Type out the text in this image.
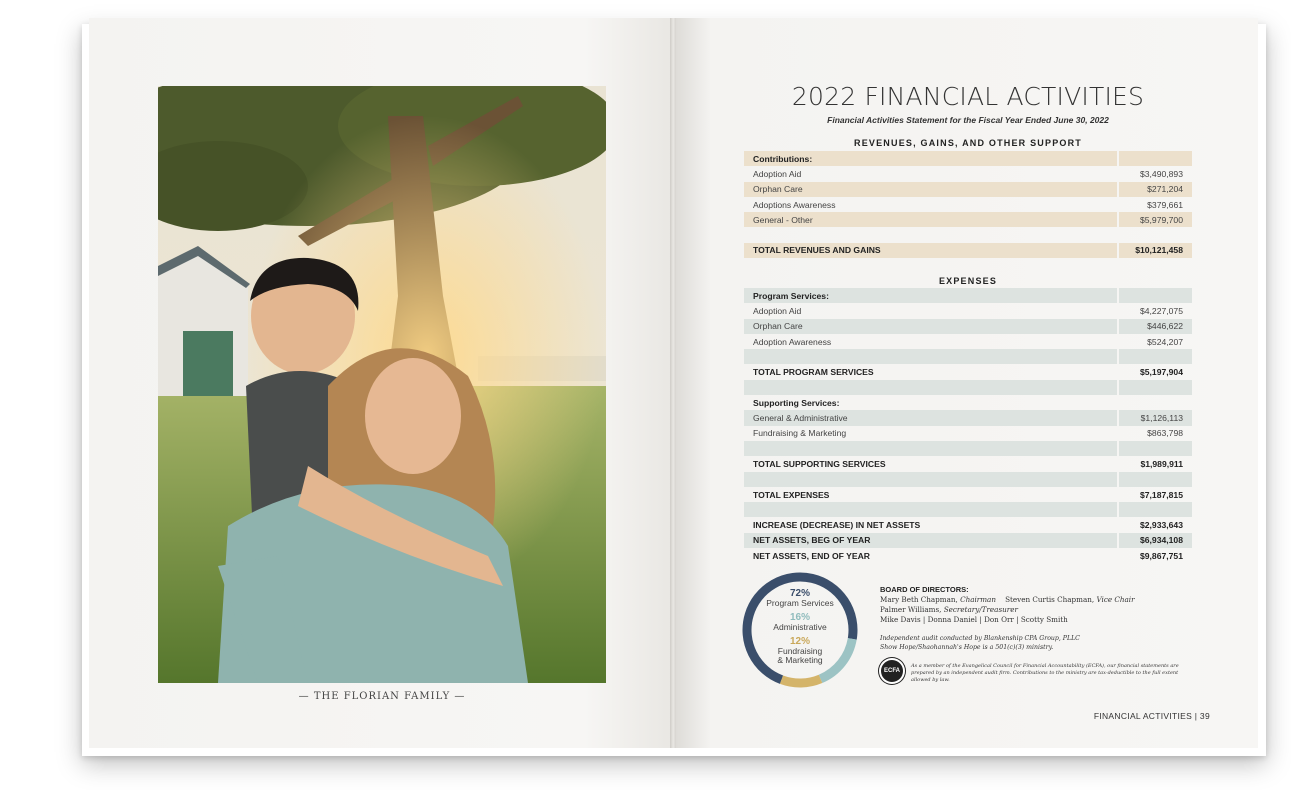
— THE FLORIAN FAMILY —
2022 FINANCIAL ACTIVITIES
Financial Activities Statement for the Fiscal Year Ended June 30, 2022
REVENUES, GAINS, AND OTHER SUPPORT
Contributions:
Adoption Aid	$3,490,893
Orphan Care	$271,204
Adoptions Awareness	$379,661
General - Other	$5,979,700
TOTAL REVENUES AND GAINS	$10,121,458
EXPENSES
Program Services:
Adoption Aid	$4,227,075
Orphan Care	$446,622
Adoption Awareness	$524,207
TOTAL PROGRAM SERVICES	$5,197,904
Supporting Services:
General & Administrative	$1,126,113
Fundraising & Marketing	$863,798
TOTAL SUPPORTING SERVICES	$1,989,911
TOTAL EXPENSES	$7,187,815
INCREASE (DECREASE) IN NET ASSETS	$2,933,643
NET ASSETS, BEG OF YEAR	$6,934,108
NET ASSETS, END OF YEAR	$9,867,751
72%
Program Services
16%
Administrative
12%
Fundraising
& Marketing
BOARD OF DIRECTORS:
Mary Beth Chapman, Chairman Steven Curtis Chapman, Vice Chair
Palmer Williams, Secretary/Treasurer
Mike Davis | Donna Daniel | Don Orr | Scotty Smith
Independent audit conducted by Blankenship CPA Group, PLLC
Show Hope/Shaohannah's Hope is a 501(c)(3) ministry.
ECFA
As a member of the Evangelical Council for Financial Accountability (ECFA), our financial statements are prepared by an independent audit firm. Contributions to the ministry are tax-deductible to the full extent allowed by law.
FINANCIAL ACTIVITIES | 39
